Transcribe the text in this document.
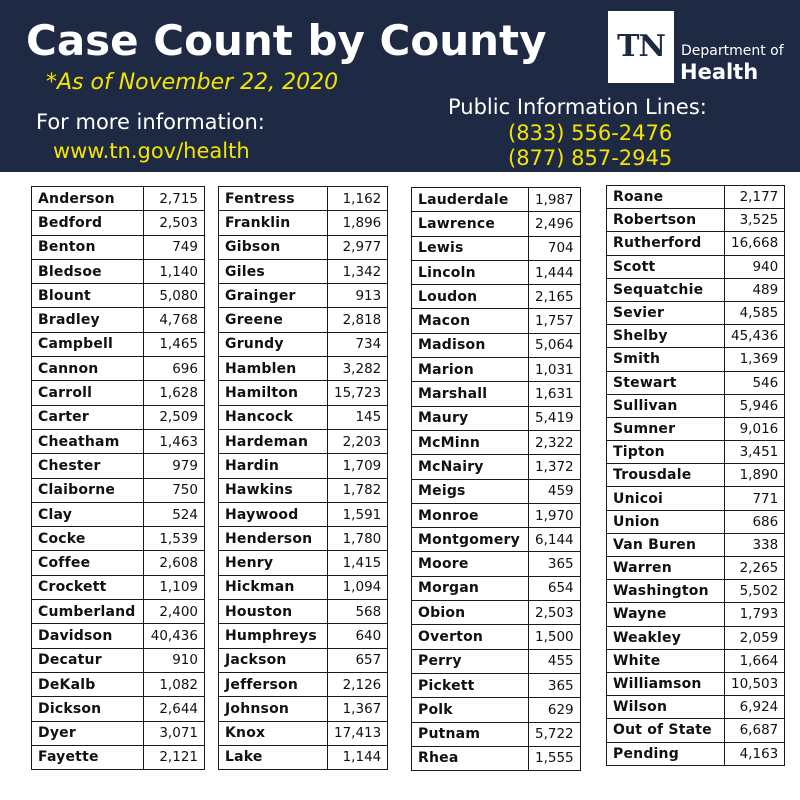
Case Count by County
*As of November 22, 2020
For more information:
www.tn.gov/health
Public Information Lines:
(833) 556-2476
(877) 857-2945
TN	Department of
Health
Anderson	2,715
Bedford	2,503
Benton	749
Bledsoe	1,140
Blount	5,080
Bradley	4,768
Campbell	1,465
Cannon	696
Carroll	1,628
Carter	2,509
Cheatham	1,463
Chester	979
Claiborne	750
Clay	524
Cocke	1,539
Coffee	2,608
Crockett	1,109
Cumberland	2,400
Davidson	40,436
Decatur	910
DeKalb	1,082
Dickson	2,644
Dyer	3,071
Fayette	2,121
Fentress	1,162
Franklin	1,896
Gibson	2,977
Giles	1,342
Grainger	913
Greene	2,818
Grundy	734
Hamblen	3,282
Hamilton	15,723
Hancock	145
Hardeman	2,203
Hardin	1,709
Hawkins	1,782
Haywood	1,591
Henderson	1,780
Henry	1,415
Hickman	1,094
Houston	568
Humphreys	640
Jackson	657
Jefferson	2,126
Johnson	1,367
Knox	17,413
Lake	1,144
Lauderdale	1,987
Lawrence	2,496
Lewis	704
Lincoln	1,444
Loudon	2,165
Macon	1,757
Madison	5,064
Marion	1,031
Marshall	1,631
Maury	5,419
McMinn	2,322
McNairy	1,372
Meigs	459
Monroe	1,970
Montgomery	6,144
Moore	365
Morgan	654
Obion	2,503
Overton	1,500
Perry	455
Pickett	365
Polk	629
Putnam	5,722
Rhea	1,555
Roane	2,177
Robertson	3,525
Rutherford	16,668
Scott	940
Sequatchie	489
Sevier	4,585
Shelby	45,436
Smith	1,369
Stewart	546
Sullivan	5,946
Sumner	9,016
Tipton	3,451
Trousdale	1,890
Unicoi	771
Union	686
Van Buren	338
Warren	2,265
Washington	5,502
Wayne	1,793
Weakley	2,059
White	1,664
Williamson	10,503
Wilson	6,924
Out of State	6,687
Pending	4,163
